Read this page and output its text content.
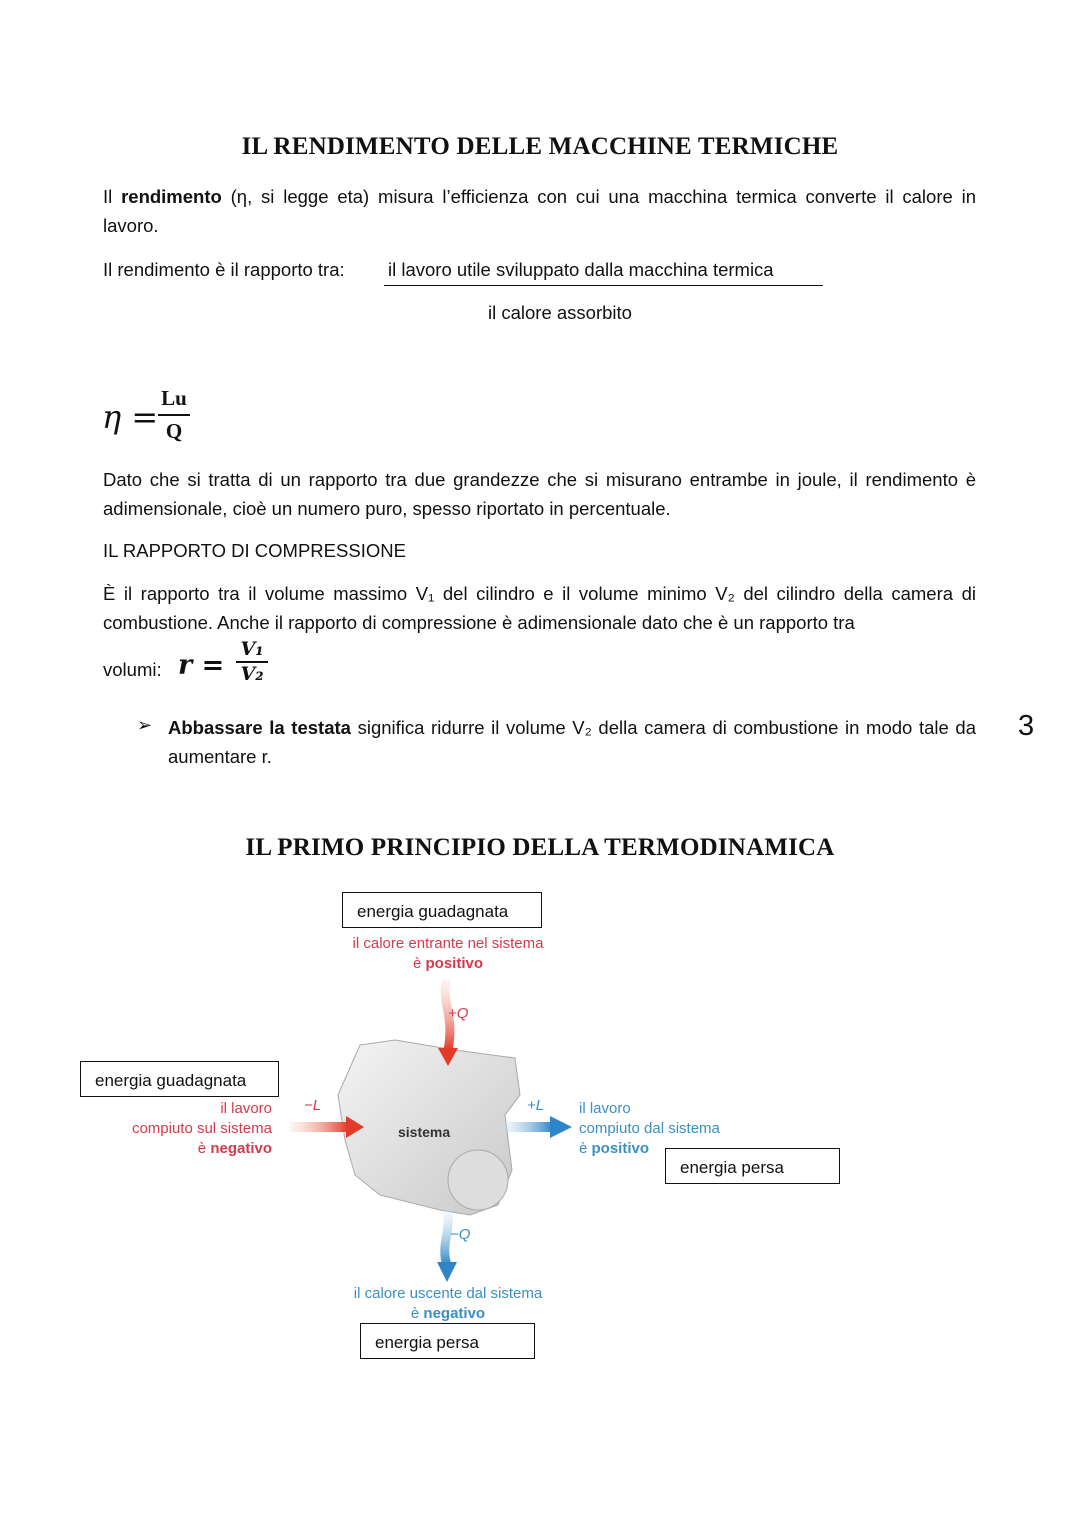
IL RENDIMENTO DELLE MACCHINE TERMICHE
Il rendimento (η, si legge eta) misura l’efficienza con cui una macchina termica converte il calore in lavoro.
Il rendimento è il rapporto tra: il lavoro utile sviluppato dalla macchina termica
il calore assorbito
$\eta = \frac{Lu}{Q}$
Dato che si tratta di un rapporto tra due grandezze che si misurano entrambe in joule, il rendimento è adimensionale, cioè un numero puro, spesso riportato in percentuale.
IL RAPPORTO DI COMPRESSIONE
È il rapporto tra il volume massimo V₁ del cilindro e il volume minimo V₂ del cilindro della camera di combustione. Anche il rapporto di compressione è adimensionale dato che è un rapporto tra
volumi: $r = \frac{\text{V₁}}{\text{V₂}}$
➢ Abbassare la testata significa ridurre il volume V₂ della camera di combustione in modo tale da aumentare r.
3
IL PRIMO PRINCIPIO DELLA TERMODINAMICA
sistema
energia guadagnata
il calore entrante nel sistema
è positivo
+Q
energia guadagnata
il lavoro
compiuto sul sistema
è negativo
−L	+L il lavoro
compiuto dal sistema
è positivo
energia persa
−Q
il calore uscente dal sistema
è negativo
energia persa
